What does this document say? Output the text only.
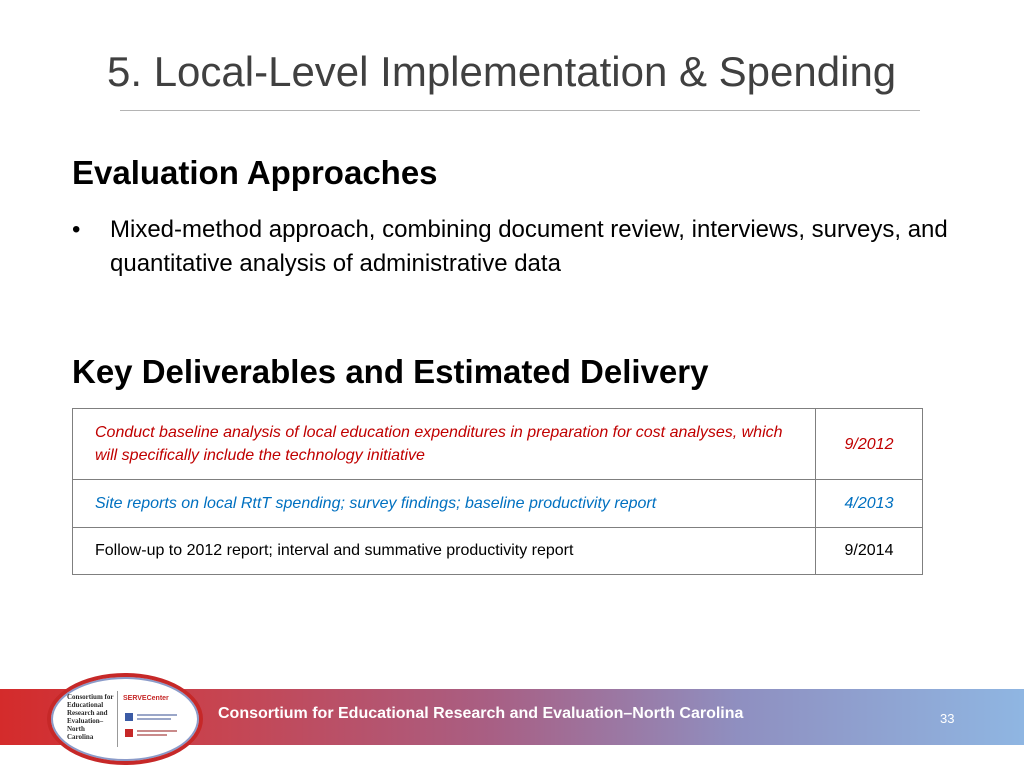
5. Local-Level Implementation & Spending
Evaluation Approaches
• Mixed-method approach, combining document review, interviews, surveys, and quantitative analysis of administrative data
Key Deliverables and Estimated Delivery
Conduct baseline analysis of local education expenditures in preparation for cost analyses, which will specifically include the technology initiative	9/2012
Site reports on local RttT spending; survey findings; baseline productivity report	4/2013
Follow-up to 2012 report; interval and summative productivity report	9/2014
Consortium for Educational Research and Evaluation–North Carolina	33
Consortium for
Educational
Research and
Evaluation–
North
Carolina
SERVECenter
